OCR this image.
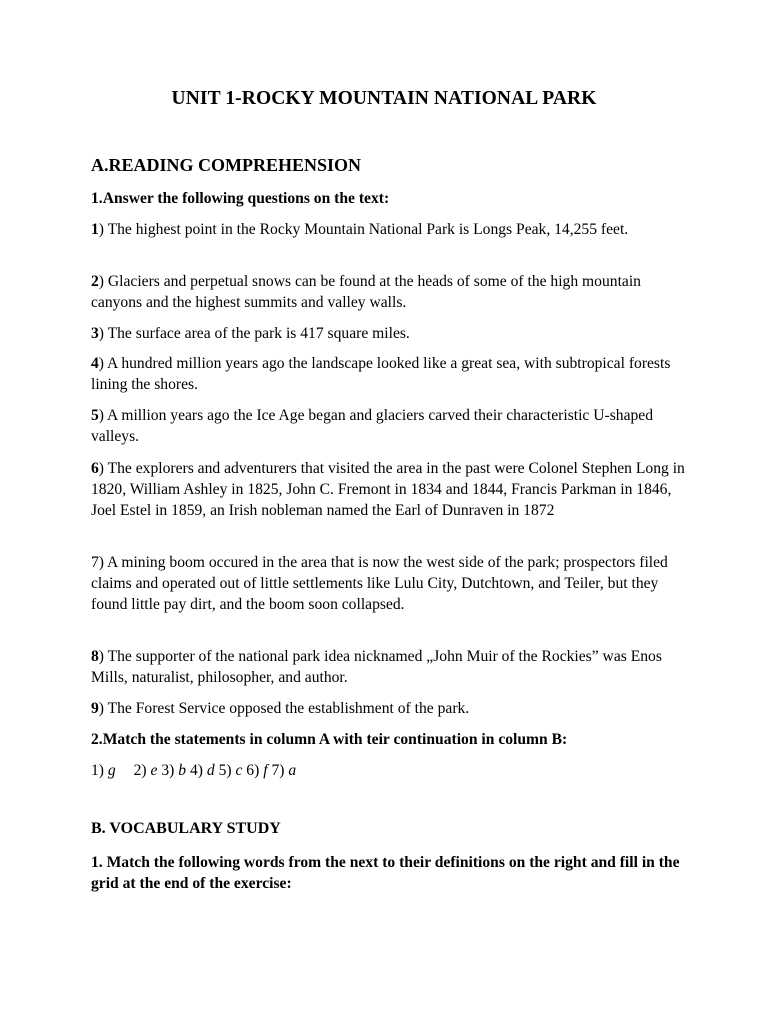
UNIT 1-ROCKY MOUNTAIN NATIONAL PARK
A.READING COMPREHENSION
1.Answer the following questions on the text:
1) The highest point in the Rocky Mountain National Park is Longs Peak, 14,255 feet.
2) Glaciers and perpetual snows can be found at the heads of some of the high mountain canyons and the highest summits and valley walls.
3) The surface area of the park is 417 square miles.
4) A hundred million years ago the landscape looked like a great sea, with subtropical forests lining the shores.
5) A million years ago the Ice Age began and glaciers carved their characteristic U-shaped valleys.
6) The explorers and adventurers that visited the area in the past were Colonel Stephen Long in 1820, William Ashley in 1825, John C. Fremont in 1834 and 1844, Francis Parkman in 1846, Joel Estel in 1859, an Irish nobleman named the Earl of Dunraven in 1872
7) A mining boom occured in the area that is now the west side of the park; prospectors filed claims and operated out of little settlements like Lulu City, Dutchtown, and Teiler, but they found little pay dirt, and the boom soon collapsed.
8) The supporter of the national park idea nicknamed „John Muir of the Rockies” was Enos Mills, naturalist, philosopher, and author.
9) The Forest Service opposed the establishment of the park.
2.Match the statements in column A with teir continuation in column B:
1) g 2) e 3) b 4) d 5) c 6) f 7) a
B. VOCABULARY STUDY
1. Match the following words from the next to their definitions on the right and fill in the grid at the end of the exercise:
